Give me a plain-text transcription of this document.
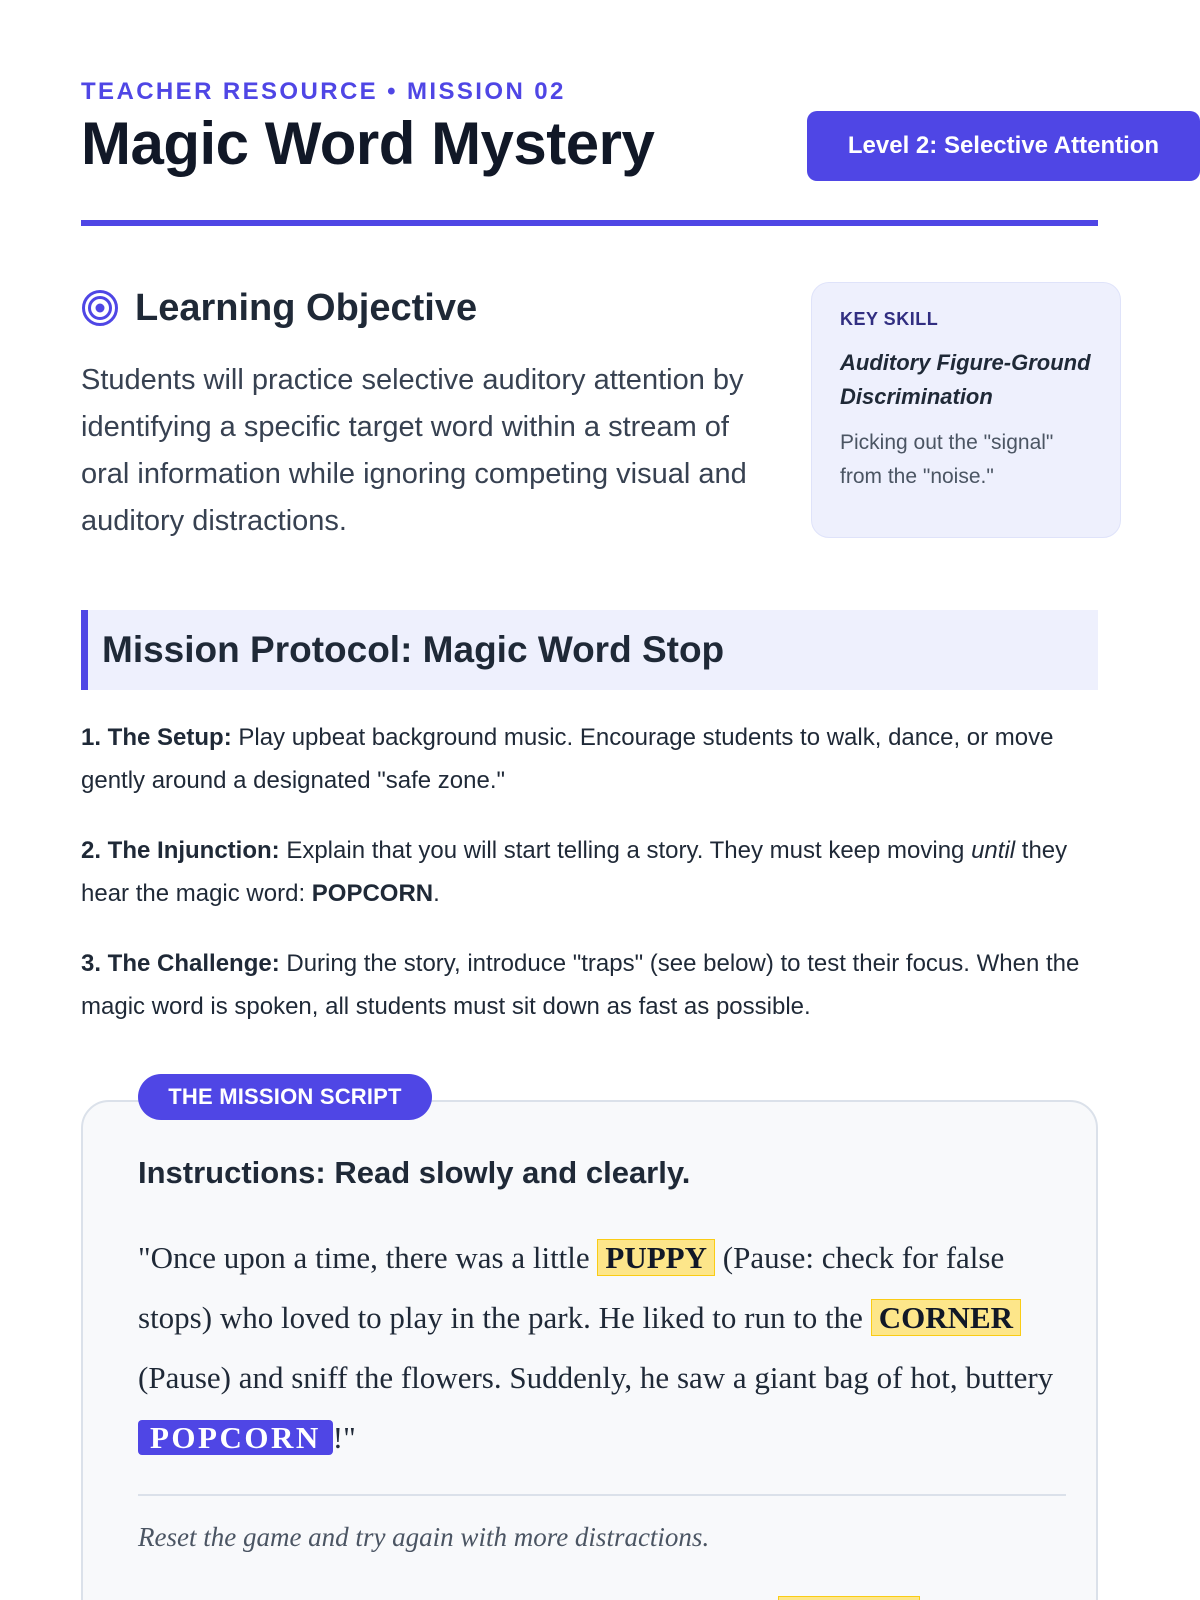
TEACHER RESOURCE • MISSION 02
Magic Word Mystery	Level 2: Selective Attention
Learning Objective
Students will practice selective auditory attention by identifying a specific target word within a stream of oral information while ignoring competing visual and auditory distractions.
KEY SKILL
Auditory Figure-Ground Discrimination
Picking out the "signal" from the "noise."
Mission Protocol: Magic Word Stop
1. The Setup: Play upbeat background music. Encourage students to walk, dance, or move gently around a designated "safe zone."
2. The Injunction: Explain that you will start telling a story. They must keep moving until they hear the magic word: POPCORN.
3. The Challenge: During the story, introduce "traps" (see below) to test their focus. When the magic word is spoken, all students must sit down as fast as possible.
THE MISSION SCRIPT
Instructions: Read slowly and clearly.
"Once upon a time, there was a little PUPPY (Pause: check for false stops) who loved to play in the park. He liked to run to the CORNER (Pause) and sniff the flowers. Suddenly, he saw a giant bag of hot, buttery POPCORN !"
Reset the game and try again with more distractions.
